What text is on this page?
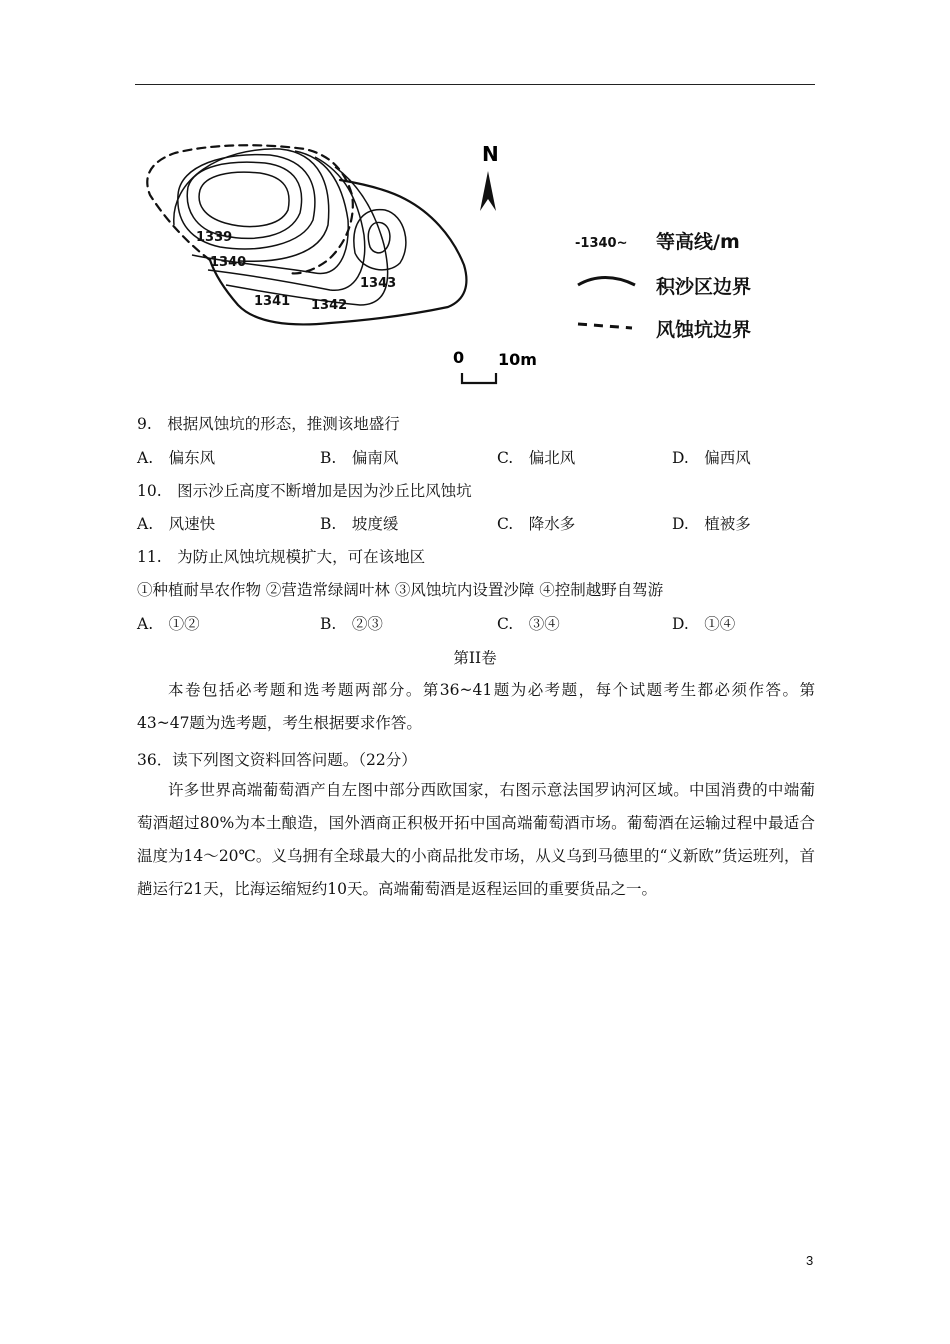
1339
1340
1341 1342
1343
N
-1340~ 等高线/m
积沙区边界
风蚀坑边界
0 10m
9.　根据风蚀坑的形态，推测该地盛行
A.　偏东风	B.　偏南风	C.　偏北风	D.　偏西风
10.　图示沙丘高度不断增加是因为沙丘比风蚀坑
A.　风速快	B.　坡度缓	C.　降水多	D.　植被多
11.　为防止风蚀坑规模扩大，可在该地区
①种植耐旱农作物 ②营造常绿阔叶林 ③风蚀坑内设置沙障 ④控制越野自驾游
A.　①②	B.　②③	C.　③④	D.　①④
第II卷
本卷包括必考题和选考题两部分。第36~41题为必考题，每个试题考生都必须作答。第43~47题为选考题，考生根据要求作答。
36．读下列图文资料回答问题。（22分）
许多世界高端葡萄酒产自左图中部分西欧国家，右图示意法国罗讷河区域。中国消费的中端葡萄酒超过80%为本土酿造，国外酒商正积极开拓中国高端葡萄酒市场。葡萄酒在运输过程中最适合温度为14～20℃。义乌拥有全球最大的小商品批发市场，从义乌到马德里的“义新欧”货运班列，首趟运行21天，比海运缩短约10天。高端葡萄酒是返程运回的重要货品之一。
3
